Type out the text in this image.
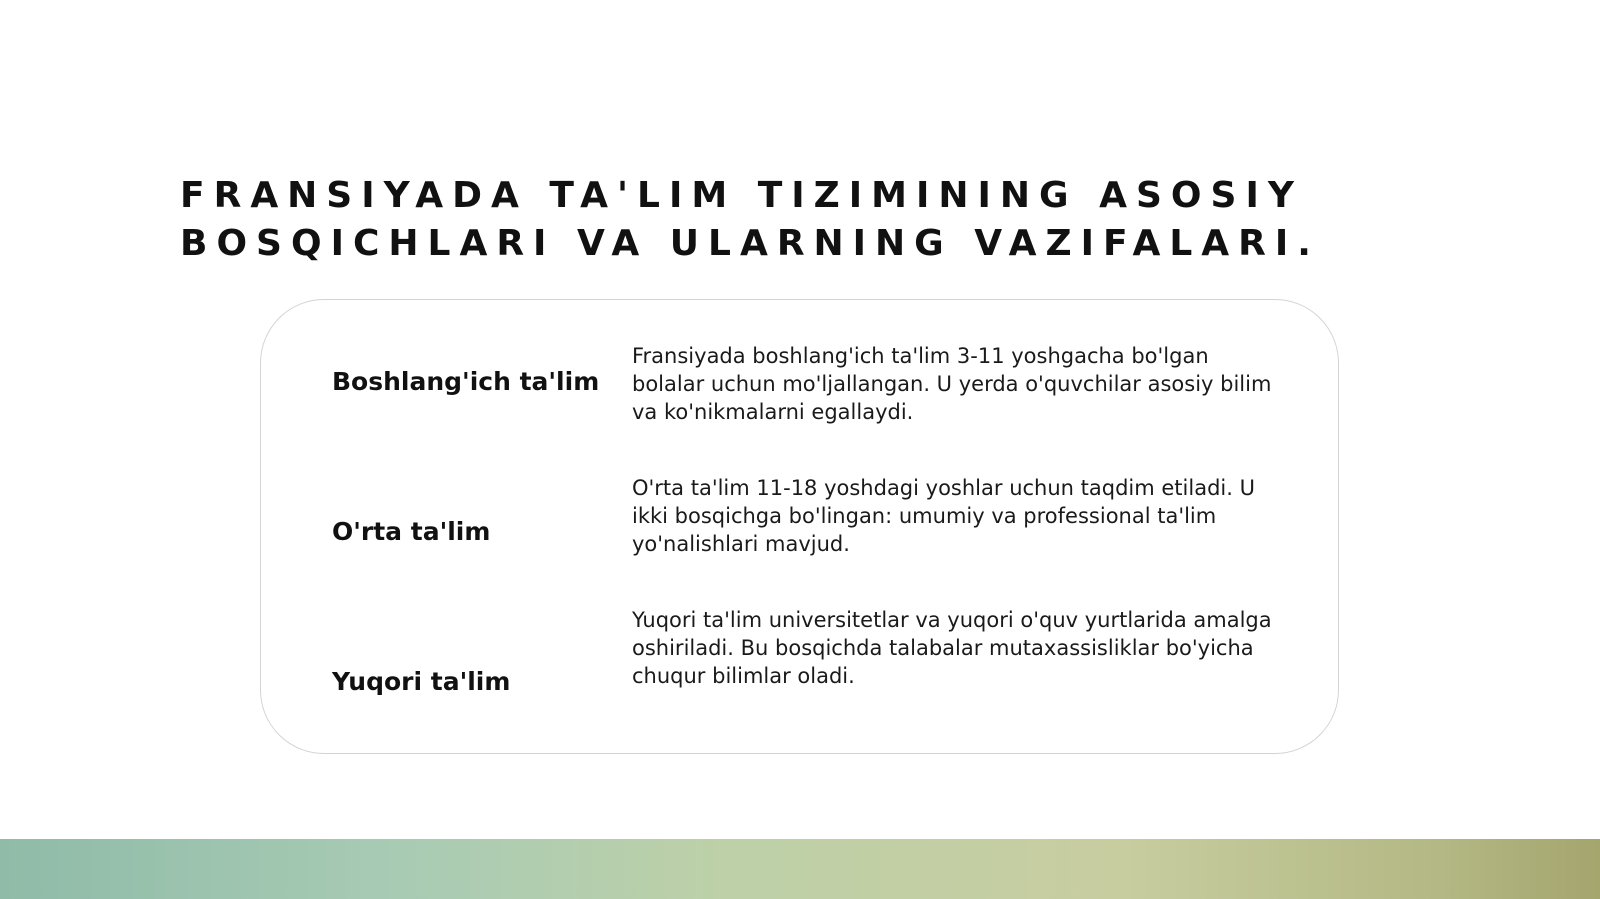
FRANSIYADA TA'LIM TIZIMINING ASOSIY
BOSQICHLARI VA ULARNING VAZIFALARI.

Boshlang'ich ta'lim

Fransiyada boshlang'ich ta'lim 3-11 yoshgacha bo'lgan bolalar uchun mo'ljallangan. U yerda o'quvchilar asosiy bilim va ko'nikmalarni egallaydi.

O'rta ta'lim

O'rta ta'lim 11-18 yoshdagi yoshlar uchun taqdim etiladi. U ikki bosqichga bo'lingan: umumiy va professional ta'lim yo'nalishlari mavjud.

Yuqori ta'lim

Yuqori ta'lim universitetlar va yuqori o'quv yurtlarida amalga oshiriladi. Bu bosqichda talabalar mutaxassisliklar bo'yicha chuqur bilimlar oladi.
